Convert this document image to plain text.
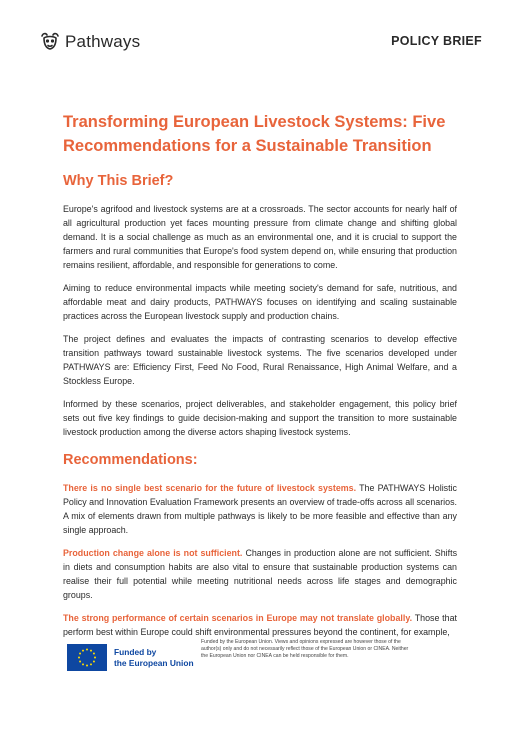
Pathways	POLICY BRIEF
Transforming European Livestock Systems: Five Recommendations for a Sustainable Transition
Why This Brief?

Europe's agrifood and livestock systems are at a crossroads. The sector accounts for nearly half of all agricultural production yet faces mounting pressure from climate change and shifting global demand. It is a social challenge as much as an environmental one, and it is crucial to support the farmers and rural communities that Europe's food system depend on, while ensuring that production remains resilient, affordable, and responsible for generations to come.

Aiming to reduce environmental impacts while meeting society's demand for safe, nutritious, and affordable meat and dairy products, PATHWAYS focuses on identifying and scaling sustainable practices across the European livestock supply and production chains.

The project defines and evaluates the impacts of contrasting scenarios to develop effective transition pathways toward sustainable livestock systems. The five scenarios developed under PATHWAYS are: Efficiency First, Feed No Food, Rural Renaissance, High Animal Welfare, and a Stockless Europe.

Informed by these scenarios, project deliverables, and stakeholder engagement, this policy brief sets out five key findings to guide decision-making and support the transition to more sustainable livestock production among the diverse actors shaping livestock systems.

Recommendations:

There is no single best scenario for the future of livestock systems. The PATHWAYS Holistic Policy and Innovation Evaluation Framework presents an overview of trade-offs across all scenarios. A mix of elements drawn from multiple pathways is likely to be more feasible and effective than any single approach.

Production change alone is not sufficient. Changes in production alone are not sufficient. Shifts in diets and consumption habits are also vital to ensure that sustainable production systems can realise their full potential while meeting nutritional needs across life stages and demographic groups.

The strong performance of certain scenarios in Europe may not translate globally. Those that perform best within Europe could shift environmental pressures beyond the continent, for example,

Funded by
the European Union
Funded by the European Union. Views and opinions expressed are however those of the author(s) only and do not necessarily reflect those of the European Union or CINEA. Neither the European Union nor CINEA can be held responsible for them.
